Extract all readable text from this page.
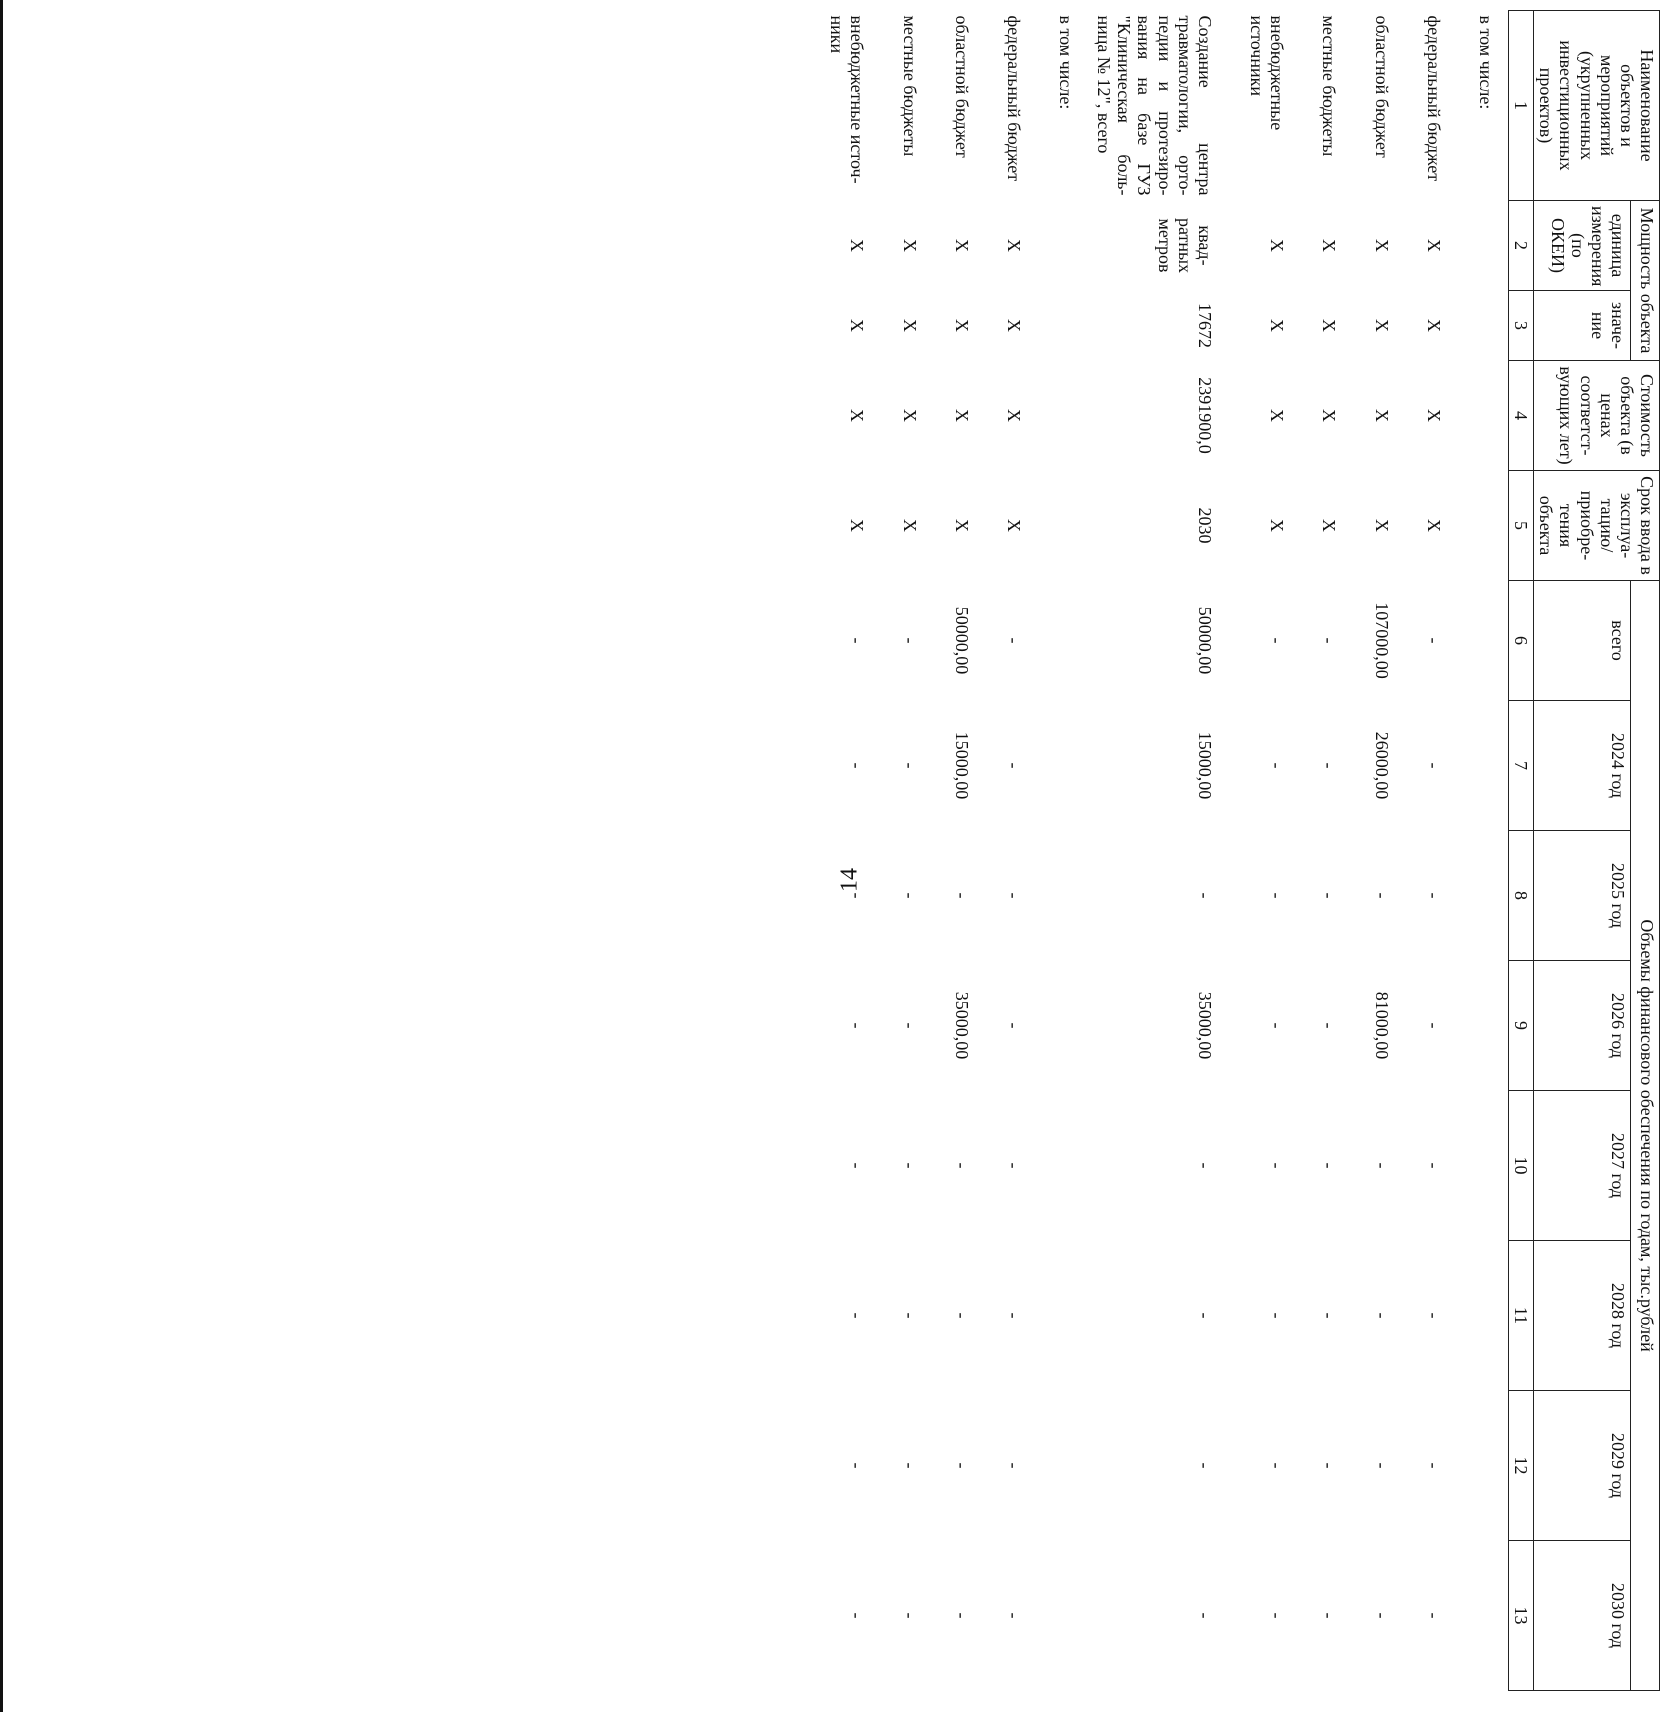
14
Наименование объектов и мероприятий (укрупненных инвестиционных проектов)	Мощность объекта		Стоимость объекта (в ценах соответст-вующих лет)	Срок ввода в эксплуа-тацию/ приобре-тения объекта	Объемы финансового обеспечения по годам, тыс.рублей							
	единица измерения (по ОКЕИ)	значе-ние			всего	2024 год	2025 год	2026 год	2027 год	2028 год	2029 год	2030 год
1	2	3	4	5	6	7	8	9	10	11	12	13
в том числе:												
федеральный бюджет	Х	Х	Х	Х	-	-	-	-	-	-	-	-
областной бюджет	Х	Х	Х	Х	107000,00	26000,00	-	81000,00	-	-	-	-
местные бюджеты	Х	Х	Х	Х	-	-	-	-	-	-	-	-
внебюджетные источники	Х	Х	Х	Х	-	-	-	-	-	-	-	-
Создание центра травматологии, орто-педии и протезиро-вания на базе ГУЗ "Клиническая боль-ница № 12", всего	квад-ратных метров	17672	2391900,0	2030	50000,00	15000,00	-	35000,00	-	-	-	-
в том числе:												
федеральный бюджет	Х	Х	Х	Х	-	-	-	-	-	-	-	-
областной бюджет	Х	Х	Х	Х	50000,00	15000,00	-	35000,00	-	-	-	-
местные бюджеты	Х	Х	Х	Х	-	-	-	-	-	-	-	-
внебюджетные источ-ники	Х	Х	Х	Х	-	-	-	-	-	-	-	-
